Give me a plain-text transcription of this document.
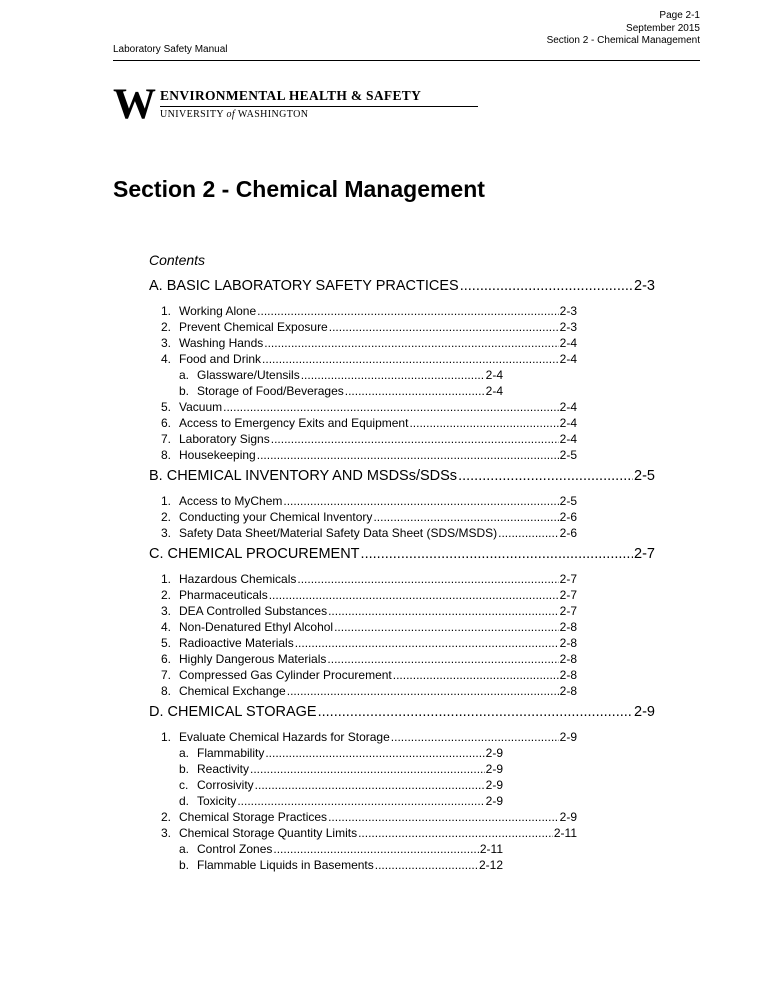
Laboratory Safety Manual
Page 2-1
September 2015
Section 2 - Chemical Management
W ENVIRONMENTAL HEALTH & SAFETY
UNIVERSITY of WASHINGTON
Section 2 - Chemical Management
Contents
A. BASIC LABORATORY SAFETY PRACTICES .....	2-3
1. Working Alone .....	2-3
2. Prevent Chemical Exposure .....	2-3
3. Washing Hands .....	2-4
4. Food and Drink .....	2-4
a. Glassware/Utensils .....	2-4
b. Storage of Food/Beverages .....	2-4
5. Vacuum .....	2-4
6. Access to Emergency Exits and Equipment .....	2-4
7. Laboratory Signs .....	2-4
8. Housekeeping .....	2-5
B. CHEMICAL INVENTORY AND MSDSs/SDSs .....	2-5
1. Access to MyChem .....	2-5
2. Conducting your Chemical Inventory .....	2-6
3. Safety Data Sheet/Material Safety Data Sheet (SDS/MSDS) .....	2-6
C. CHEMICAL PROCUREMENT .....	2-7
1. Hazardous Chemicals .....	2-7
2. Pharmaceuticals .....	2-7
3. DEA Controlled Substances .....	2-7
4. Non-Denatured Ethyl Alcohol .....	2-8
5. Radioactive Materials .....	2-8
6. Highly Dangerous Materials .....	2-8
7. Compressed Gas Cylinder Procurement .....	2-8
8. Chemical Exchange .....	2-8
D. CHEMICAL STORAGE .....	2-9
1. Evaluate Chemical Hazards for Storage .....	2-9
a. Flammability .....	2-9
b. Reactivity .....	2-9
c. Corrosivity .....	2-9
d. Toxicity .....	2-9
2. Chemical Storage Practices .....	2-9
3. Chemical Storage Quantity Limits .....	2-11
a. Control Zones .....	2-11
b. Flammable Liquids in Basements .....	2-12
